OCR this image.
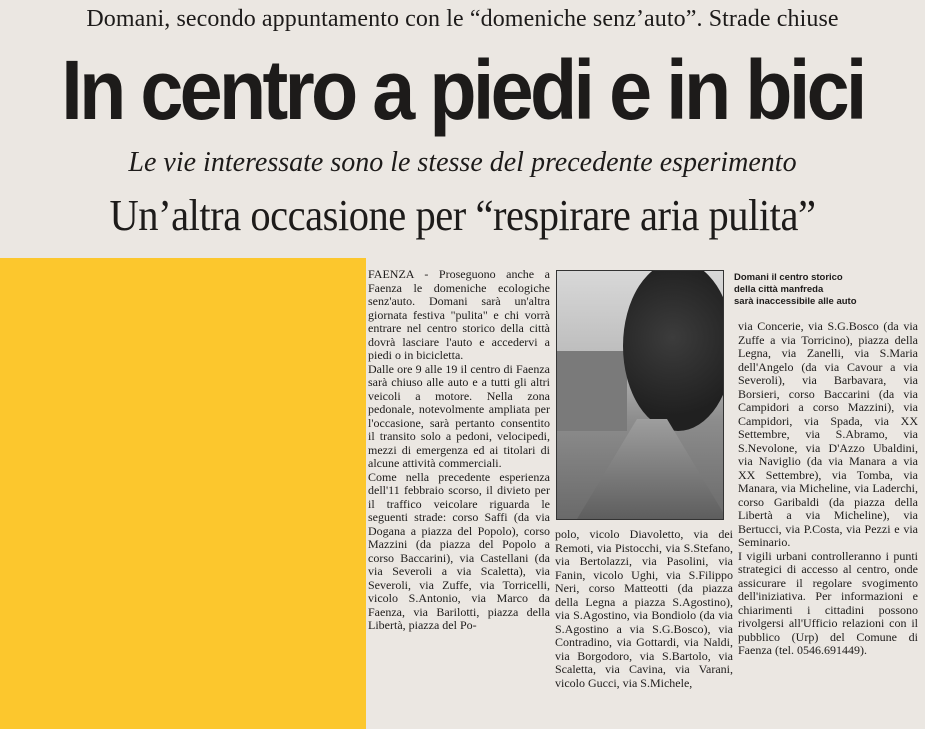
Domani, secondo appuntamento con le “domeniche senz’auto”. Strade chiuse
In centro a piedi e in bici
Le vie interessate sono le stesse del precedente esperimento
Un’altra occasione per “respirare aria pulita”
FAENZA - Proseguono anche a Faenza le domeniche ecologiche senz'auto. Domani sarà un'altra giornata festiva "pulita" e chi vorrà entrare nel centro storico della città dovrà lasciare l'auto e accedervi a piedi o in bicicletta.
Dalle ore 9 alle 19 il centro di Faenza sarà chiuso alle auto e a tutti gli altri veicoli a motore. Nella zona pedonale, notevolmente ampliata per l'occasione, sarà pertanto consentito il transito solo a pedoni, velocipedi, mezzi di emergenza ed ai titolari di alcune attività commerciali.
Come nella precedente esperienza dell'11 febbraio scorso, il divieto per il traffico veicolare riguarda le seguenti strade: corso Saffi (da via Dogana a piazza del Popolo), corso Mazzini (da piazza del Popolo a corso Baccarini), via Castellani (da via Severoli a via Scaletta), via Severoli, via Zuffe, via Torricelli, vicolo S.Antonio, via Marco da Faenza, via Barilotti, piazza della Libertà, piazza del Po-
Domani il centro storico
della città manfreda
sarà inaccessibile alle auto
via Concerie, via S.G.Bosco (da via Zuffe a via Torricino), piazza della Legna, via Zanelli, via S.Maria dell'Angelo (da via Cavour a via Severoli), via Barbavara, via Borsieri, corso Baccarini (da via Campidori a corso Mazzini), via Campidori, via Spada, via XX Settembre, via S.Abramo, via S.Nevolone, via D'Azzo Ubaldini, via Naviglio (da via Manara a via XX Settembre), via Tomba, via Manara, via Micheline, via Laderchi, corso Garibaldi (da piazza della Libertà a via Micheline), via Bertucci, via P.Costa, via Pezzi e via Seminario.
I vigili urbani controlleranno i punti strategici di accesso al centro, onde assicurare il regolare svogimento dell'iniziativa. Per informazioni e chiarimenti i cittadini possono rivolgersi all'Ufficio relazioni con il pubblico (Urp) del Comune di Faenza (tel. 0546.691449).
polo, vicolo Diavoletto, via dei Remoti, via Pistocchi, via S.Stefano, via Bertolazzi, via Pasolini, via Fanin, vicolo Ughi, via S.Filippo Neri, corso Matteotti (da piazza della Legna a piazza S.Agostino), via S.Agostino, via Bondiolo (da via S.Agostino a via S.G.Bosco), via Contradino, via Gottardi, via Naldi, via Borgodoro, via S.Bartolo, via Scaletta, via Cavina, via Varani, vicolo Gucci, via S.Michele,
